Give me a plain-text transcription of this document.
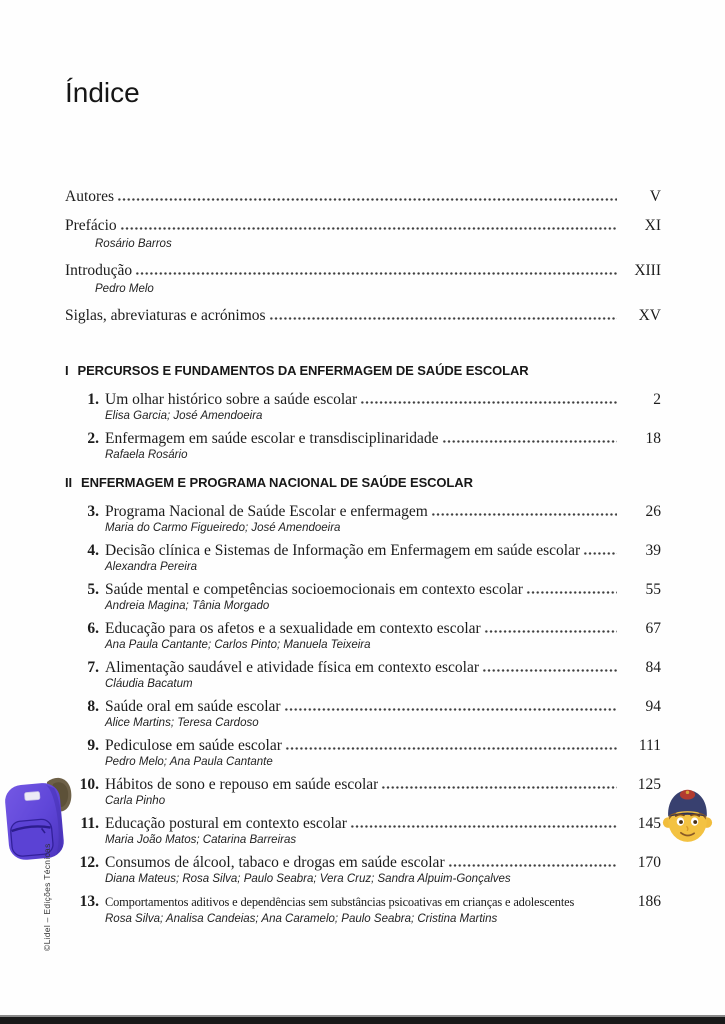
Índice
Autores	V
Prefácio	XI
Rosário Barros
Introdução	XIII
Pedro Melo
Siglas, abreviaturas e acrónimos	XV
I PERCURSOS E FUNDAMENTOS DA ENFERMAGEM DE SAÚDE ESCOLAR
1. Um olhar histórico sobre a saúde escolar	2
Elisa Garcia; José Amendoeira
2. Enfermagem em saúde escolar e transdisciplinaridade	18
Rafaela Rosário
II ENFERMAGEM E PROGRAMA NACIONAL DE SAÚDE ESCOLAR
3. Programa Nacional de Saúde Escolar e enfermagem	26
Maria do Carmo Figueiredo; José Amendoeira
4. Decisão clínica e Sistemas de Informação em Enfermagem em saúde escolar	39
Alexandra Pereira
5. Saúde mental e competências socioemocionais em contexto escolar	55
Andreia Magina; Tânia Morgado
6. Educação para os afetos e a sexualidade em contexto escolar	67
Ana Paula Cantante; Carlos Pinto; Manuela Teixeira
7. Alimentação saudável e atividade física em contexto escolar	84
Cláudia Bacatum
8. Saúde oral em saúde escolar	94
Alice Martins; Teresa Cardoso
9. Pediculose em saúde escolar	111
Pedro Melo; Ana Paula Cantante
10. Hábitos de sono e repouso em saúde escolar	125
Carla Pinho
11. Educação postural em contexto escolar	145
Maria João Matos; Catarina Barreiras
12. Consumos de álcool, tabaco e drogas em saúde escolar	170
Diana Mateus; Rosa Silva; Paulo Seabra; Vera Cruz; Sandra Alpuim-Gonçalves
13. Comportamentos aditivos e dependências sem substâncias psicoativas em crianças e adolescentes	186
Rosa Silva; Analisa Candeias; Ana Caramelo; Paulo Seabra; Cristina Martins
©Lidel – Edições Técnicas
